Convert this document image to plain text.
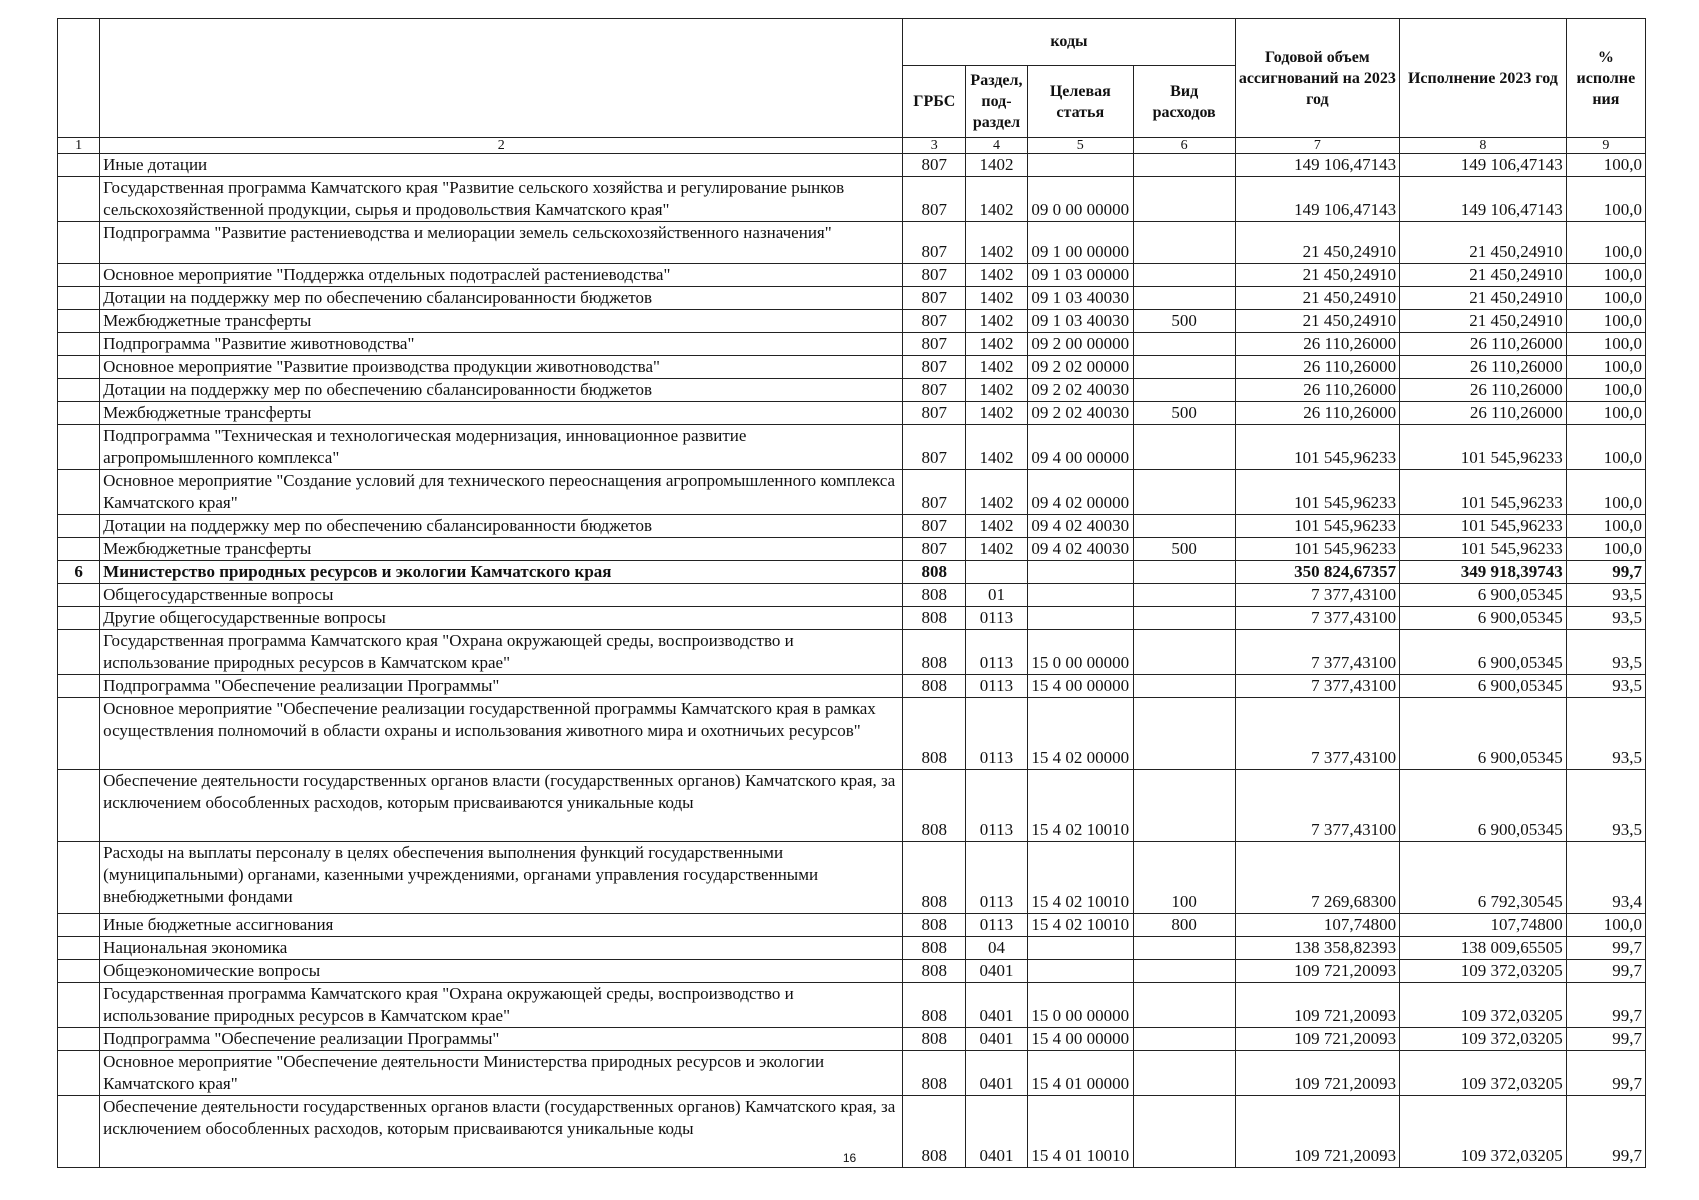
		коды				Годовой объем ассигнований на 2023 год	Исполнение 2023 год	% исполне ния
		ГРБС	Раздел, под-раздел	Целевая статья	Вид расходов			
1	2	3	4	5	6	7	8	9
	Иные дотации	807	1402			149 106,47143	149 106,47143	100,0
	Государственная программа Камчатского края "Развитие сельского хозяйства и регулирование рынков сельскохозяйственной продукции, сырья и продовольствия Камчатского края"	807	1402	09 0 00 00000		149 106,47143	149 106,47143	100,0
	Подпрограмма "Развитие растениеводства и мелиорации земель сельскохозяйственного назначения"	807	1402	09 1 00 00000		21 450,24910	21 450,24910	100,0
	Основное мероприятие "Поддержка отдельных подотраслей растениеводства"	807	1402	09 1 03 00000		21 450,24910	21 450,24910	100,0
	Дотации на поддержку мер по обеспечению сбалансированности бюджетов	807	1402	09 1 03 40030		21 450,24910	21 450,24910	100,0
	Межбюджетные трансферты	807	1402	09 1 03 40030	500	21 450,24910	21 450,24910	100,0
	Подпрограмма "Развитие животноводства"	807	1402	09 2 00 00000		26 110,26000	26 110,26000	100,0
	Основное мероприятие "Развитие производства продукции животноводства"	807	1402	09 2 02 00000		26 110,26000	26 110,26000	100,0
	Дотации на поддержку мер по обеспечению сбалансированности бюджетов	807	1402	09 2 02 40030		26 110,26000	26 110,26000	100,0
	Межбюджетные трансферты	807	1402	09 2 02 40030	500	26 110,26000	26 110,26000	100,0
	Подпрограмма "Техническая и технологическая модернизация, инновационное развитие агропромышленного комплекса"	807	1402	09 4 00 00000		101 545,96233	101 545,96233	100,0
	Основное мероприятие "Создание условий для технического переоснащения агропромышленного комплекса Камчатского края"	807	1402	09 4 02 00000		101 545,96233	101 545,96233	100,0
	Дотации на поддержку мер по обеспечению сбалансированности бюджетов	807	1402	09 4 02 40030		101 545,96233	101 545,96233	100,0
	Межбюджетные трансферты	807	1402	09 4 02 40030	500	101 545,96233	101 545,96233	100,0
6	Министерство природных ресурсов и экологии Камчатского края	808				350 824,67357	349 918,39743	99,7
	Общегосударственные вопросы	808	01			7 377,43100	6 900,05345	93,5
	Другие общегосударственные вопросы	808	0113			7 377,43100	6 900,05345	93,5
	Государственная программа Камчатского края "Охрана окружающей среды, воспроизводство и использование природных ресурсов в Камчатском крае"	808	0113	15 0 00 00000		7 377,43100	6 900,05345	93,5
	Подпрограмма "Обеспечение реализации Программы"	808	0113	15 4 00 00000		7 377,43100	6 900,05345	93,5
	Основное мероприятие "Обеспечение реализации государственной программы Камчатского края в рамках осуществления полномочий в области охраны и использования животного мира и охотничьих ресурсов"	808	0113	15 4 02 00000		7 377,43100	6 900,05345	93,5
	Обеспечение деятельности государственных органов власти (государственных органов) Камчатского края, за исключением обособленных расходов, которым присваиваются уникальные коды	808	0113	15 4 02 10010		7 377,43100	6 900,05345	93,5
	Расходы на выплаты персоналу в целях обеспечения выполнения функций государственными (муниципальными) органами, казенными учреждениями, органами управления государственными внебюджетными фондами	808	0113	15 4 02 10010	100	7 269,68300	6 792,30545	93,4
	Иные бюджетные ассигнования	808	0113	15 4 02 10010	800	107,74800	107,74800	100,0
	Национальная экономика	808	04			138 358,82393	138 009,65505	99,7
	Общеэкономические вопросы	808	0401			109 721,20093	109 372,03205	99,7
	Государственная программа Камчатского края "Охрана окружающей среды, воспроизводство и использование природных ресурсов в Камчатском крае"	808	0401	15 0 00 00000		109 721,20093	109 372,03205	99,7
	Подпрограмма "Обеспечение реализации Программы"	808	0401	15 4 00 00000		109 721,20093	109 372,03205	99,7
	Основное мероприятие "Обеспечение деятельности Министерства природных ресурсов и экологии Камчатского края"	808	0401	15 4 01 00000		109 721,20093	109 372,03205	99,7
	Обеспечение деятельности государственных органов власти (государственных органов) Камчатского края, за исключением обособленных расходов, которым присваиваются уникальные коды	808	0401	15 4 01 10010		109 721,20093	109 372,03205	99,7
16
